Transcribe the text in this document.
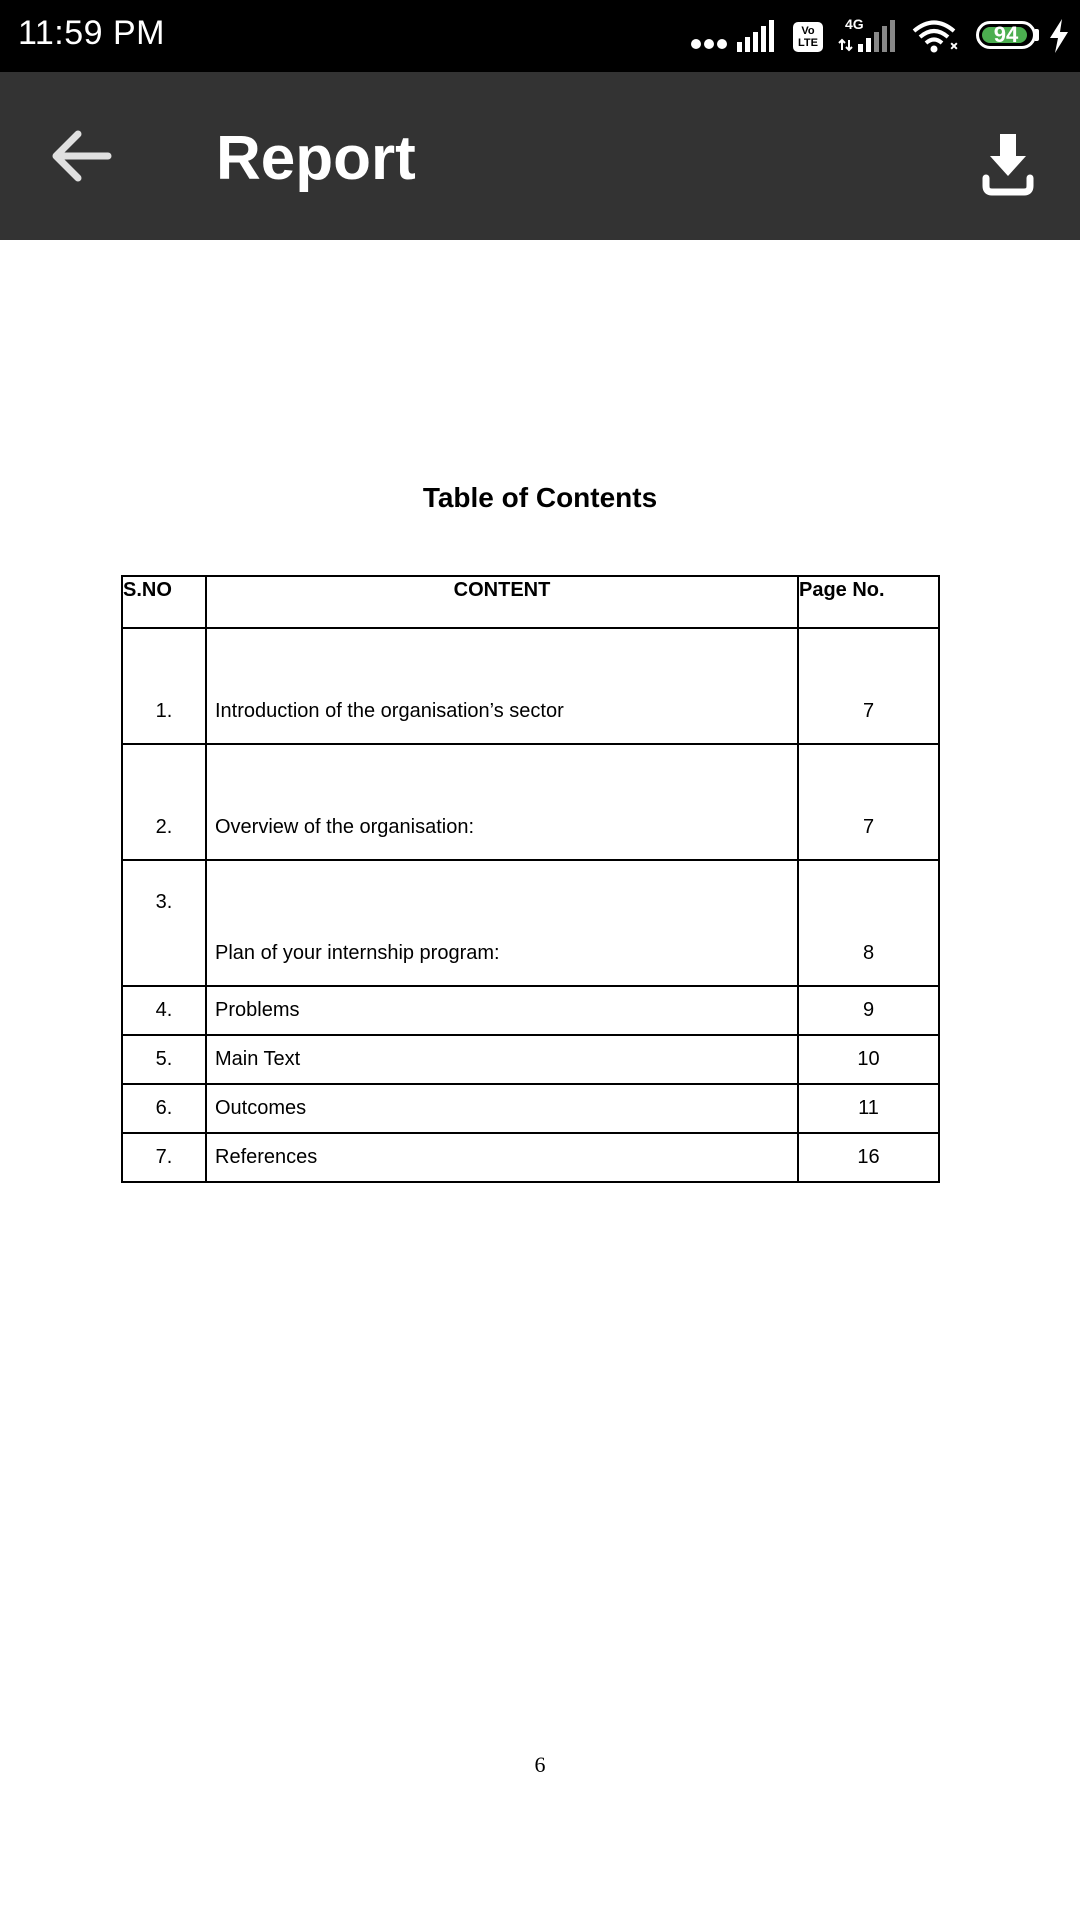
11:59 PM	Vo LTE
4G	94
Report
Table of Contents
S.NO	CONTENT	Page No.
1.	Introduction of the organisation’s sector	7
2.	Overview of the organisation:	7
3.	Plan of your internship program:	8
4.	Problems	9
5.	Main Text	10
6.	Outcomes	11
7.	References	16
6
